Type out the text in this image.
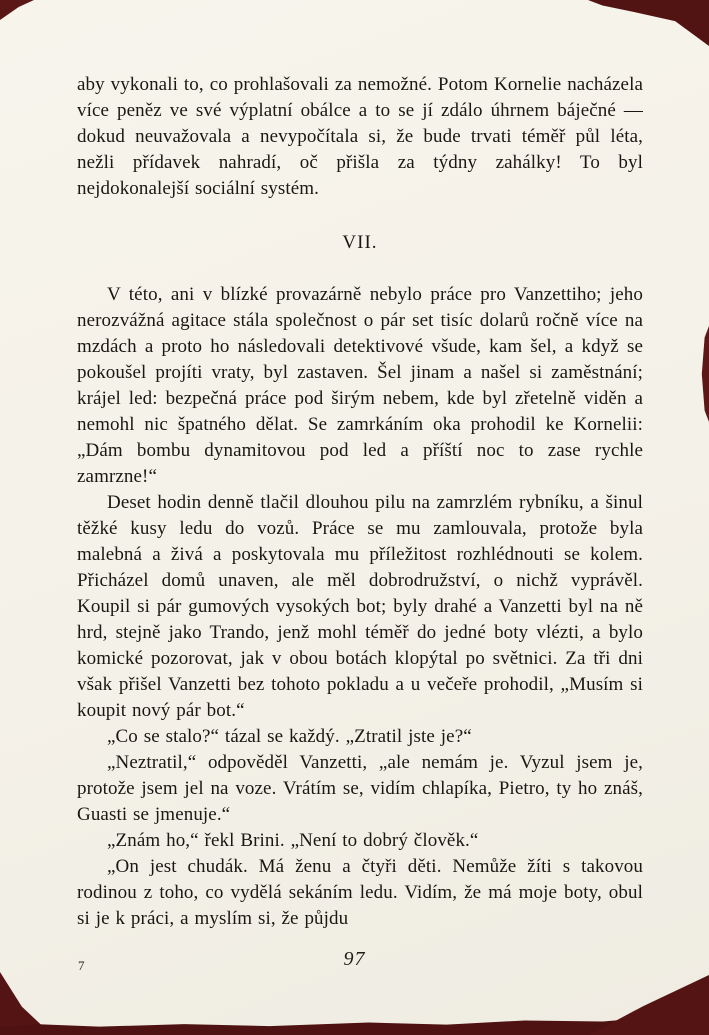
aby vykonali to, co prohlašovali za nemožné. Potom Kornelie nacházela více peněz ve své výplatní obálce a to se jí zdálo úhrnem báječné — dokud neuvažovala a nevypočítala si, že bude trvati téměř půl léta, nežli přídavek nahradí, oč přišla za týdny zahálky! To byl nejdokonalejší sociální systém.

VII.

V této, ani v blízké provazárně nebylo práce pro Vanzettiho; jeho nerozvážná agitace stála společnost o pár set tisíc dolarů ročně více na mzdách a proto ho následovali detektivové všude, kam šel, a když se pokoušel projíti vraty, byl zastaven. Šel jinam a našel si zaměstnání; krájel led: bezpečná práce pod širým nebem, kde byl zřetelně viděn a nemohl nic špatného dělat. Se zamrkáním oka prohodil ke Kornelii: „Dám bombu dynamitovou pod led a příští noc to zase rychle zamrzne!“

Deset hodin denně tlačil dlouhou pilu na zamrzlém rybníku, a šinul těžké kusy ledu do vozů. Práce se mu zamlouvala, protože byla malebná a živá a poskytovala mu příležitost rozhlédnouti se kolem. Přicházel domů unaven, ale měl dobrodružství, o nichž vyprávěl. Koupil si pár gumových vysokých bot; byly drahé a Vanzetti byl na ně hrd, stejně jako Trando, jenž mohl téměř do jedné boty vlézti, a bylo komické pozorovat, jak v obou botách klopýtal po světnici. Za tři dni však přišel Vanzetti bez tohoto pokladu a u večeře prohodil, „Musím si koupit nový pár bot.“

„Co se stalo?“ tázal se každý. „Ztratil jste je?“

„Neztratil,“ odpověděl Vanzetti, „ale nemám je. Vyzul jsem je, protože jsem jel na voze. Vrátím se, vidím chlapíka, Pietro, ty ho znáš, Guasti se jmenuje.“

„Znám ho,“ řekl Brini. „Není to dobrý člověk.“

„On jest chudák. Má ženu a čtyři děti. Nemůže žíti s takovou rodinou z toho, co vydělá sekáním ledu. Vidím, že má moje boty, obul si je k práci, a myslím si, že půjdu

7	97
